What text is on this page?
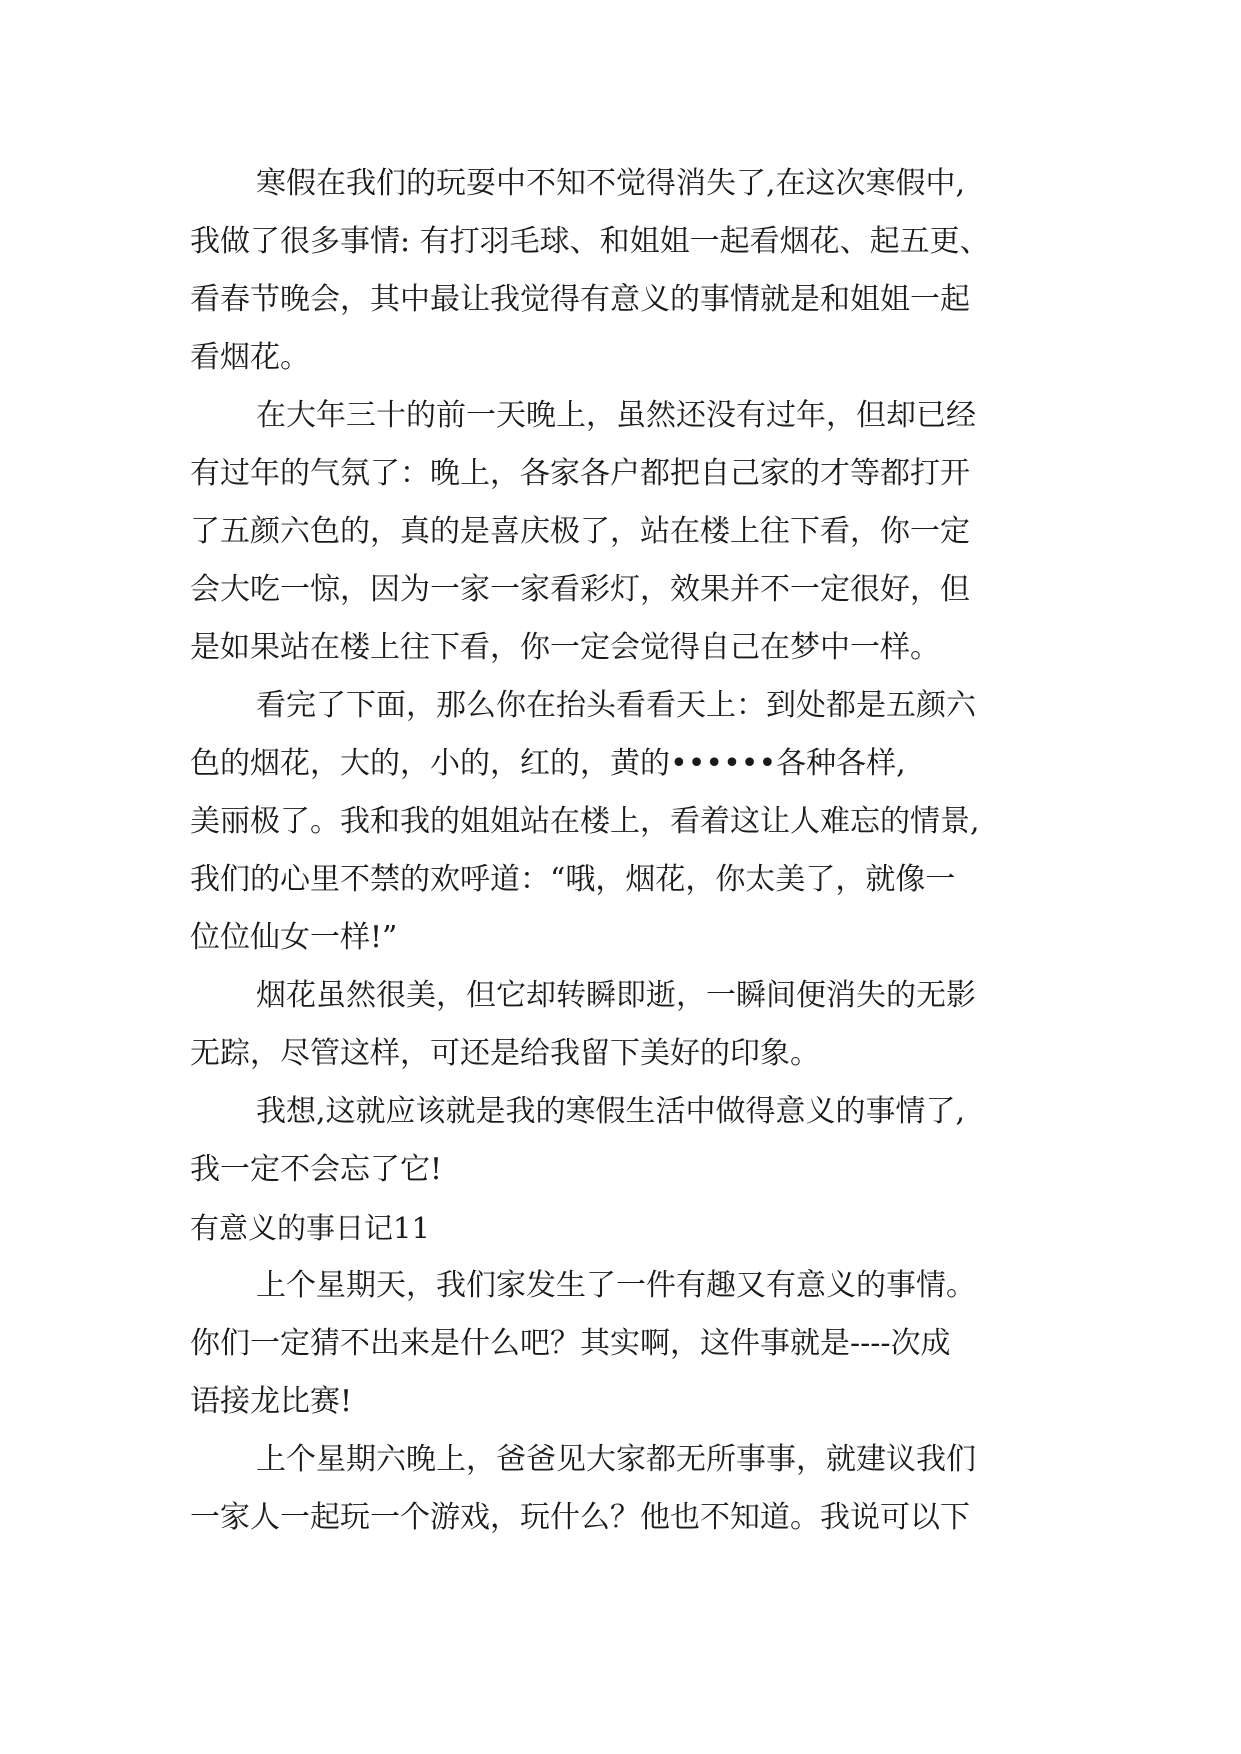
寒假在我们的玩耍中不知不觉得消失了,在这次寒假中,
我做了很多事情: 有打羽毛球、和姐姐一起看烟花、起五更、
看春节晚会，其中最让我觉得有意义的事情就是和姐姐一起
看烟花。
在大年三十的前一天晚上，虽然还没有过年，但却已经
有过年的气氛了：晚上，各家各户都把自己家的才等都打开
了五颜六色的，真的是喜庆极了，站在楼上往下看，你一定
会大吃一惊，因为一家一家看彩灯，效果并不一定很好，但
是如果站在楼上往下看，你一定会觉得自己在梦中一样。
看完了下面，那么你在抬头看看天上：到处都是五颜六
色的烟花，大的，小的，红的，黄的••••••各种各样,
美丽极了。我和我的姐姐站在楼上，看着这让人难忘的情景,
我们的心里不禁的欢呼道：“哦，烟花，你太美了，就像一
位位仙女一样!”
烟花虽然很美，但它却转瞬即逝，一瞬间便消失的无影
无踪，尽管这样，可还是给我留下美好的印象。
我想,这就应该就是我的寒假生活中做得意义的事情了,
我一定不会忘了它!
有意义的事日记11
上个星期天，我们家发生了一件有趣又有意义的事情。
你们一定猜不出来是什么吧？其实啊，这件事就是----次成
语接龙比赛!
上个星期六晚上，爸爸见大家都无所事事，就建议我们
一家人一起玩一个游戏，玩什么？他也不知道。我说可以下
